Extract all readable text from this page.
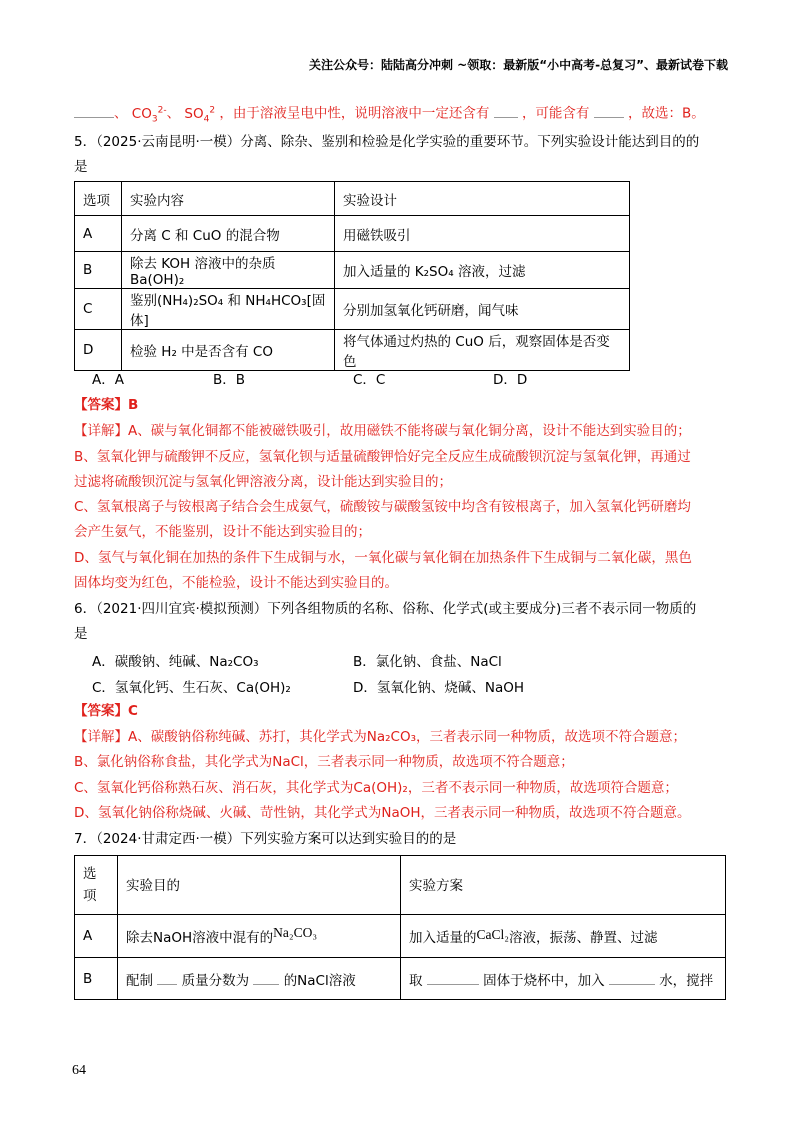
关注公众号：陆陆高分冲刺 ~领取：最新版“小中高考-总复习”、最新试卷下载
、 $CO_3^{2-}$、 $SO_4^2$ ，由于溶液呈电中性，说明溶液中一定还含有 ，可能含有	，故选：B。
5．（2025·云南昆明·一模）分离、除杂、鉴别和检验是化学实验的重要环节。下列实验设计能达到目的的
是
选项	实验内容	实验设计
A	分离 C 和 CuO 的混合物	用磁铁吸引
B	除去 KOH 溶液中的杂质 Ba(OH)₂	加入适量的 K₂SO₄ 溶液，过滤
C	鉴别(NH₄)₂SO₄ 和 NH₄HCO₃[固体]	分别加氢氧化钙研磨，闻气味
D	检验 H₂ 中是否含有 CO	将气体通过灼热的 CuO 后，观察固体是否变色
A．A	B．B	C．C	D．D
【答案】B
【详解】A、碳与氧化铜都不能被磁铁吸引，故用磁铁不能将碳与氧化铜分离，设计不能达到实验目的；
B、氢氧化钾与硫酸钾不反应，氢氧化钡与适量硫酸钾恰好完全反应生成硫酸钡沉淀与氢氧化钾，再通过
过滤将硫酸钡沉淀与氢氧化钾溶液分离，设计能达到实验目的；
C、氢氧根离子与铵根离子结合会生成氨气，硫酸铵与碳酸氢铵中均含有铵根离子，加入氢氧化钙研磨均
会产生氨气，不能鉴别，设计不能达到实验目的；
D、氢气与氧化铜在加热的条件下生成铜与水，一氧化碳与氧化铜在加热条件下生成铜与二氧化碳，黑色
固体均变为红色，不能检验，设计不能达到实验目的。
6．（2021·四川宜宾·模拟预测）下列各组物质的名称、俗称、化学式(或主要成分)三者不表示同一物质的
是
A．碳酸钠、纯碱、Na₂CO₃	B．氯化钠、食盐、NaCl
C．氢氧化钙、生石灰、Ca(OH)₂	D．氢氧化钠、烧碱、NaOH
【答案】C
【详解】A、碳酸钠俗称纯碱、苏打，其化学式为Na₂CO₃，三者表示同一种物质，故选项不符合题意；
B、氯化钠俗称食盐，其化学式为NaCl，三者表示同一种物质，故选项不符合题意；
C、氢氧化钙俗称熟石灰、消石灰，其化学式为Ca(OH)₂，三者不表示同一种物质，故选项符合题意；
D、氢氧化钠俗称烧碱、火碱、苛性钠，其化学式为NaOH，三者表示同一种物质，故选项不符合题意。
7．（2024·甘肃定西·一模）下列实验方案可以达到实验目的的是
选
项	实验目的	实验方案
A	除去NaOH溶液中混有的Na₂CO₃	加入适量的CaCl₂溶液，振荡、静置、过滤
B	配制 质量分数为 的NaCl溶液	取 固体于烧杯中，加入 水，搅拌
64
